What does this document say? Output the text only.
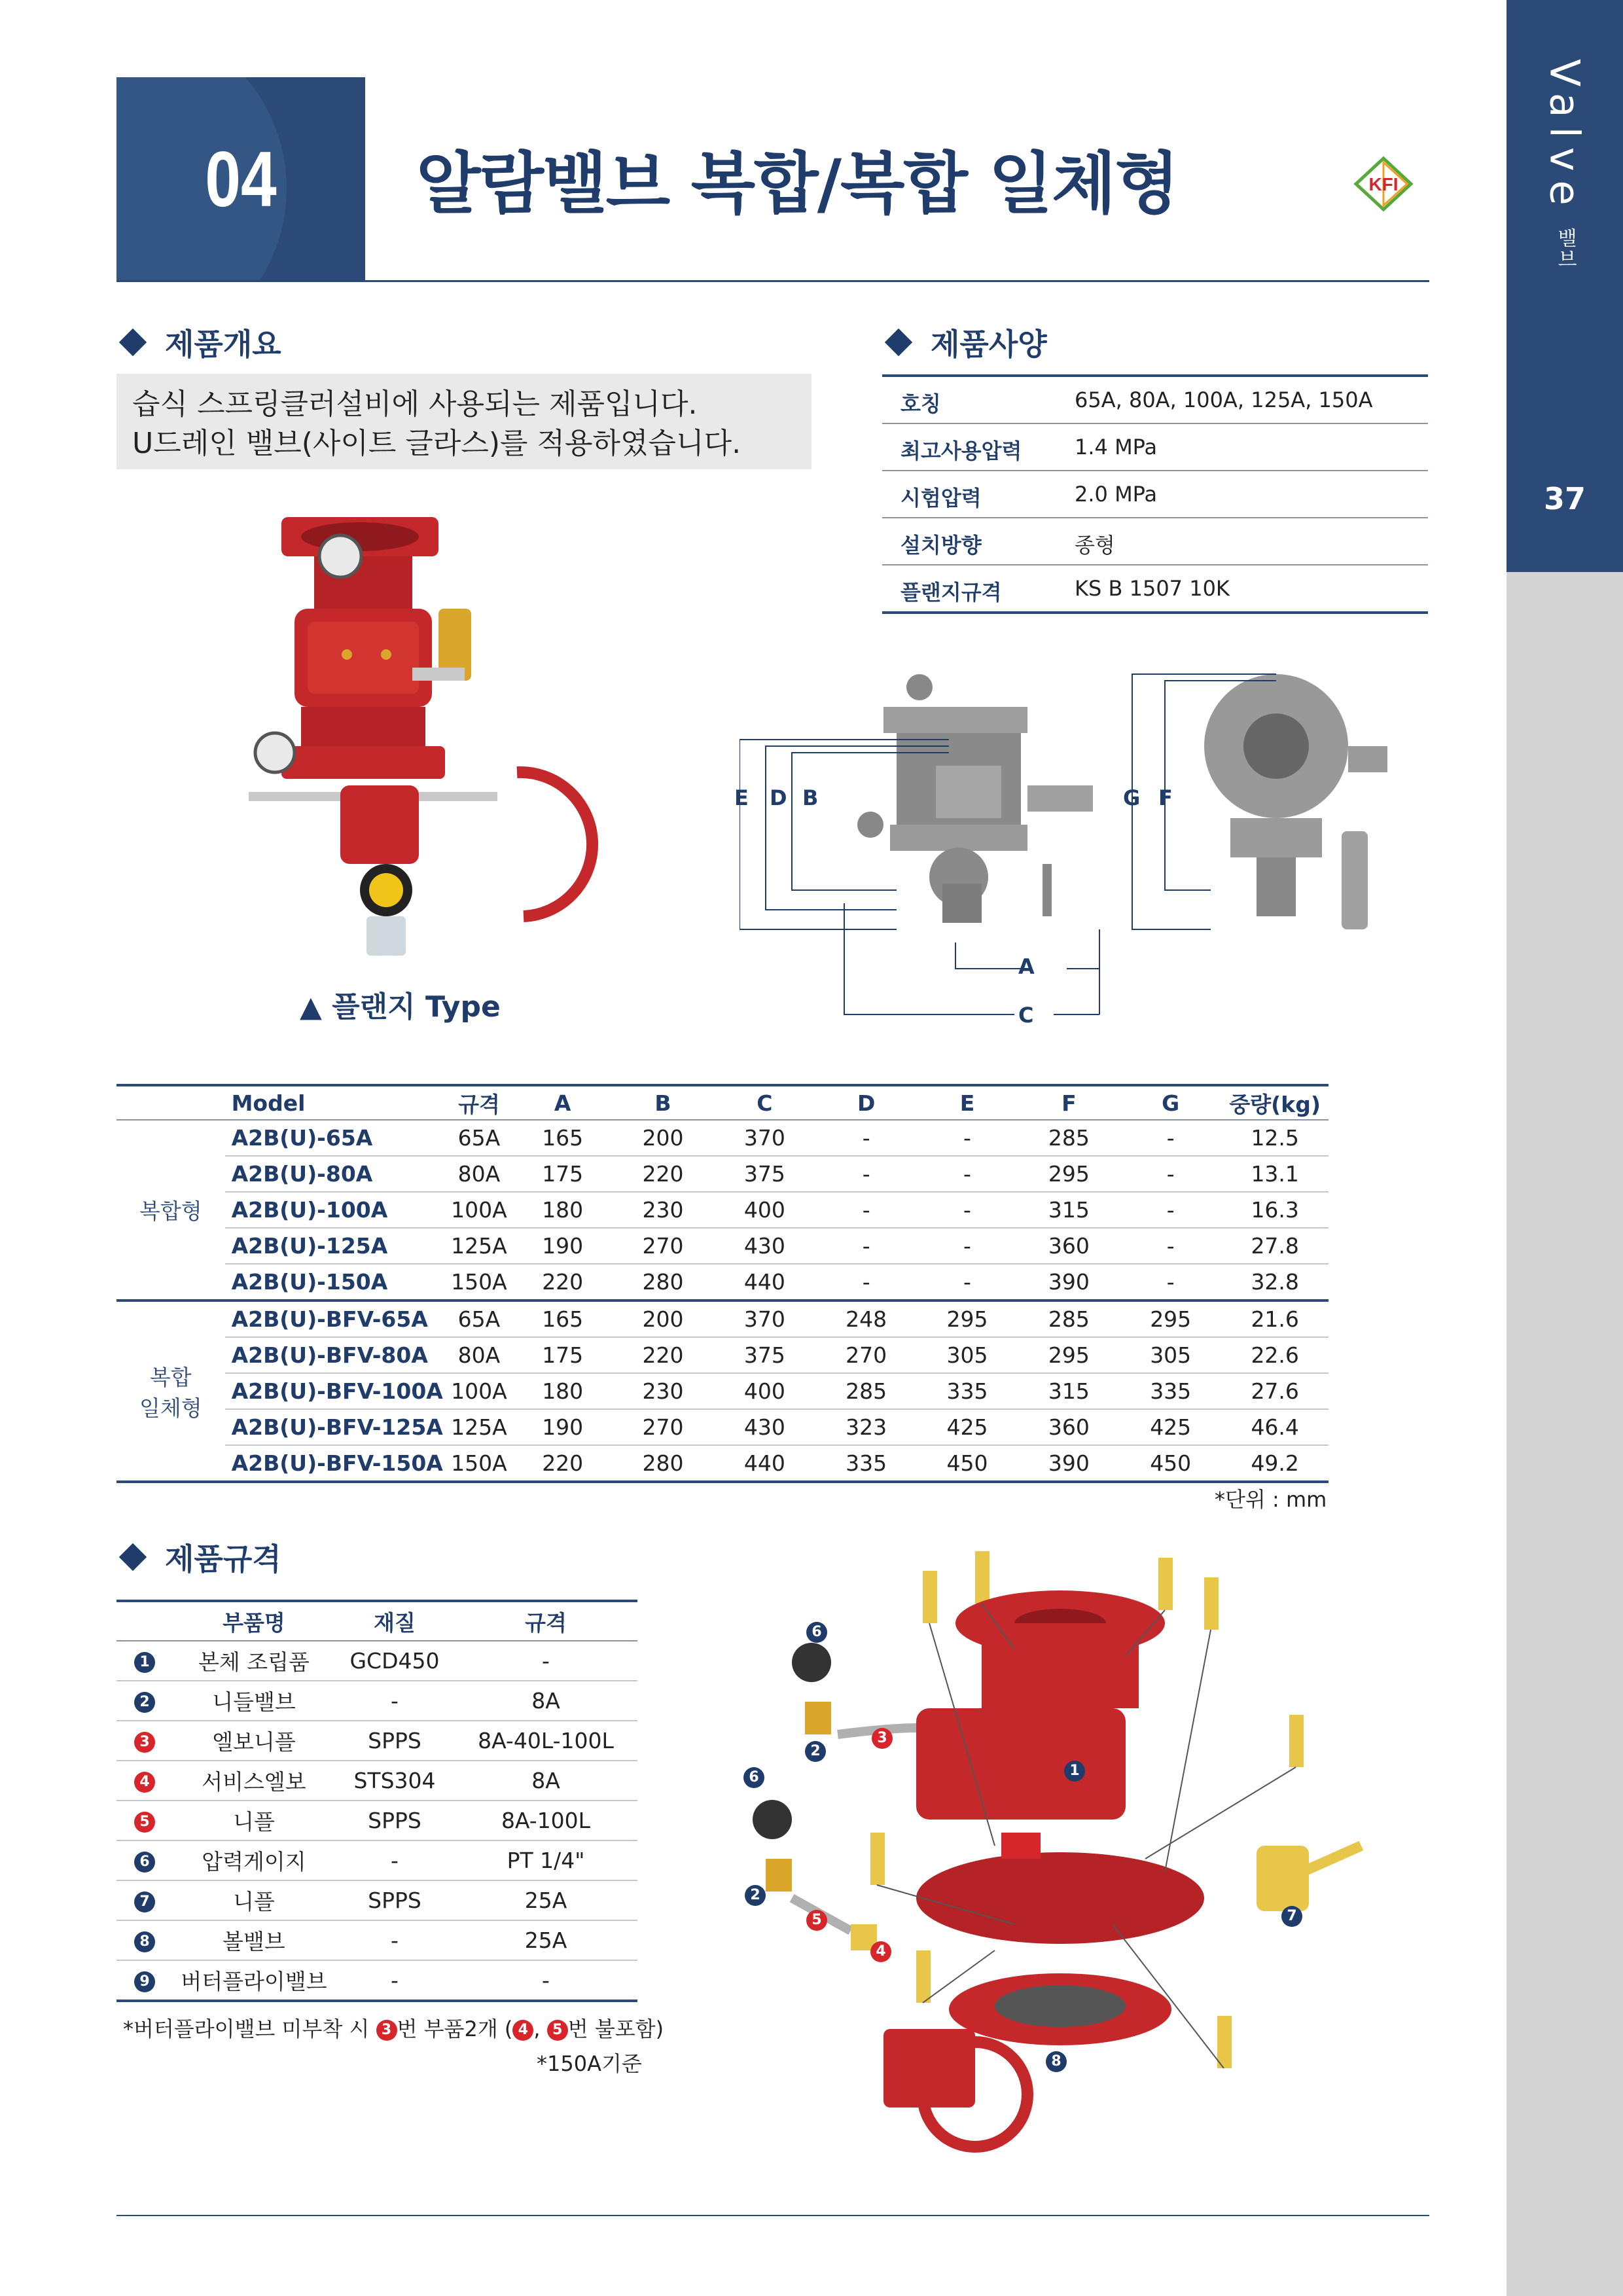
Valve
밸브
37
04	알람밸브 복합/복합 일체형	KFI
제품개요

습식 스프링클러설비에 사용되는 제품입니다.

U드레인 밸브(사이트 글라스)를 적용하였습니다.

제품사양
호칭	65A, 80A, 100A, 125A, 150A
최고사용압력	1.4 MPa
시험압력	2.0 MPa
설치방향	종형
플랜지규격	KS B 1507 10K
▲ 플랜지 Type
E D B	G F
A
C
	Model	규격	A	B	C	D	E	F	G	중량(kg)
복합형	A2B(U)-65A	65A	165	200	370	-	-	285	-	12.5
	A2B(U)-80A	80A	175	220	375	-	-	295	-	13.1
	A2B(U)-100A	100A	180	230	400	-	-	315	-	16.3
	A2B(U)-125A	125A	190	270	430	-	-	360	-	27.8
	A2B(U)-150A	150A	220	280	440	-	-	390	-	32.8

복합
일체형	A2B(U)-BFV-65A	65A	165	200	370	248	295	285	295	21.6
	A2B(U)-BFV-80A	80A	175	220	375	270	305	295	305	22.6
	A2B(U)-BFV-100A	100A	180	230	400	285	335	315	335	27.6
	A2B(U)-BFV-125A	125A	190	270	430	323	425	360	425	46.4
	A2B(U)-BFV-150A	150A	220	280	440	335	450	390	450	49.2
*단위 : mm
제품규격
	부품명	재질	규격
1	본체 조립품	GCD450	-
2	니들밸브	-	8A
3	엘보니플	SPPS	8A-40L-100L
4	서비스엘보	STS304	8A
5	니플	SPPS	8A-100L
6	압력게이지	-	PT 1/4"
7	니플	SPPS	25A
8	볼밸브	-	25A
9	버터플라이밸브	-	-
*버터플라이밸브 미부착 시 3 번 부품2개 ( 4 , 5 번 불포함)
*150A기준
6
2
3
1
6
2
5
4
7
8
